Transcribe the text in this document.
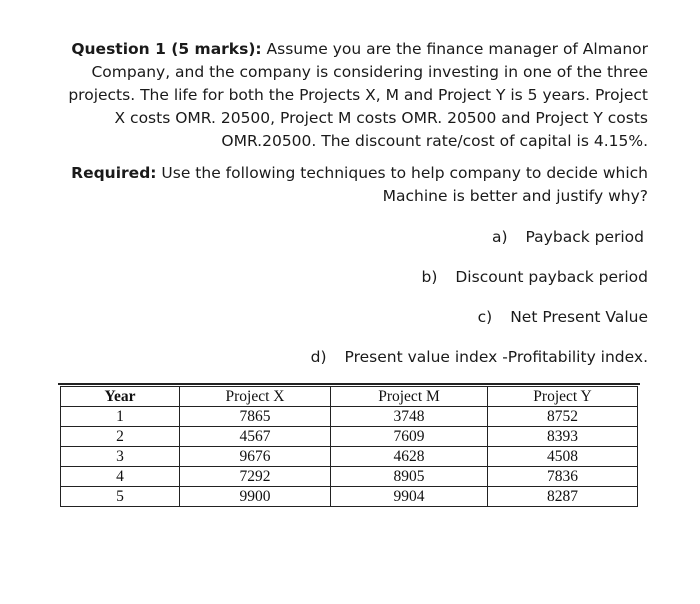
Question 1 (5 marks): Assume you are the finance manager of Almanor Company, and the company is considering investing in one of the three projects. The life for both the Projects X, M and Project Y is 5 years. Project X costs OMR. 20500, Project M costs OMR. 20500 and Project Y costs OMR.20500. The discount rate/cost of capital is 4.15%.
Required: Use the following techniques to help company to decide which Machine is better and justify why?
a) Payback period
b) Discount payback period
c) Net Present Value
d) Present value index -Profitability index.
Year	Project X	Project M	Project Y
1	7865	3748	8752
2	4567	7609	8393
3	9676	4628	4508
4	7292	8905	7836
5	9900	9904	8287
